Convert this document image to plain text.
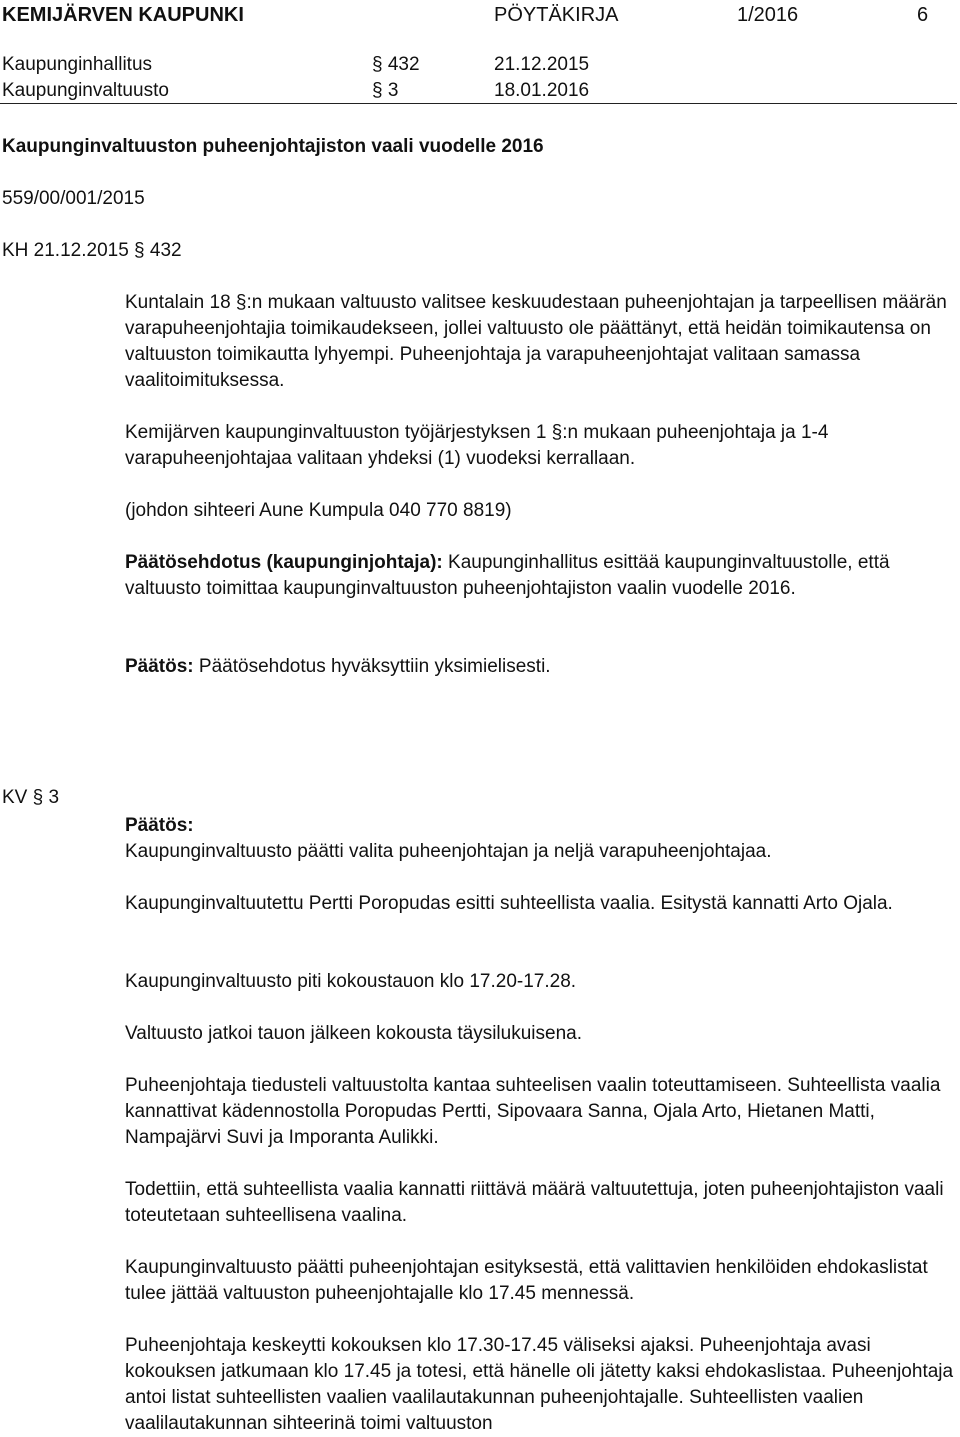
KEMIJÄRVEN KAUPUNKI	PÖYTÄKIRJA	1/2016	6
Kaupunginhallitus	§ 432	21.12.2015
Kaupunginvaltuusto	§ 3	18.01.2016
Kaupunginvaltuuston puheenjohtajiston vaali vuodelle 2016
559/00/001/2015
KH 21.12.2015 § 432

Kuntalain 18 §:n mukaan valtuusto valitsee keskuudestaan puheenjohtajan ja tarpeellisen määrän varapuheenjohtajia toimikaudekseen, jollei valtuusto ole päättänyt, että heidän toimikautensa on valtuuston toimikautta lyhyempi. Puheenjohtaja ja varapuheenjohtajat valitaan samassa vaalitoimituksessa.

Kemijärven kaupunginvaltuuston työjärjestyksen 1 §:n mukaan puheenjohtaja ja 1-4 varapuheenjohtajaa valitaan yhdeksi (1) vuodeksi kerrallaan.

(johdon sihteeri Aune Kumpula 040 770 8819)

Päätösehdotus (kaupunginjohtaja): Kaupunginhallitus esittää kaupunginvaltuustolle, että valtuusto toimittaa kaupunginvaltuuston puheenjohtajiston vaalin vuodelle 2016.

Päätös: Päätösehdotus hyväksyttiin yksimielisesti.

KV § 3

Päätös:

Kaupunginvaltuusto päätti valita puheenjohtajan ja neljä varapuheenjohtajaa.

Kaupunginvaltuutettu Pertti Poropudas esitti suhteellista vaalia. Esitystä kannatti Arto Ojala.

Kaupunginvaltuusto piti kokoustauon klo 17.20-17.28.

Valtuusto jatkoi tauon jälkeen kokousta täysilukuisena.

Puheenjohtaja tiedusteli valtuustolta kantaa suhteelisen vaalin toteuttamiseen. Suhteellista vaalia kannattivat kädennostolla Poropudas Pertti, Sipovaara Sanna, Ojala Arto, Hietanen Matti, Nampajärvi Suvi ja Imporanta Aulikki.

Todettiin, että suhteellista vaalia kannatti riittävä määrä valtuutettuja, joten puheenjohtajiston vaali toteutetaan suhteellisena vaalina.

Kaupunginvaltuusto päätti puheenjohtajan esityksestä, että valittavien henkilöiden ehdokaslistat tulee jättää valtuuston puheenjohtajalle klo 17.45 mennessä.

Puheenjohtaja keskeytti kokouksen klo 17.30-17.45 väliseksi ajaksi. Puheenjohtaja avasi kokouksen jatkumaan klo 17.45 ja totesi, että hänelle oli jätetty kaksi ehdokaslistaa. Puheenjohtaja antoi listat suhteellisten vaalien vaalilautakunnan puheenjohtajalle. Suhteellisten vaalien vaalilautakunnan sihteerinä toimi valtuuston
